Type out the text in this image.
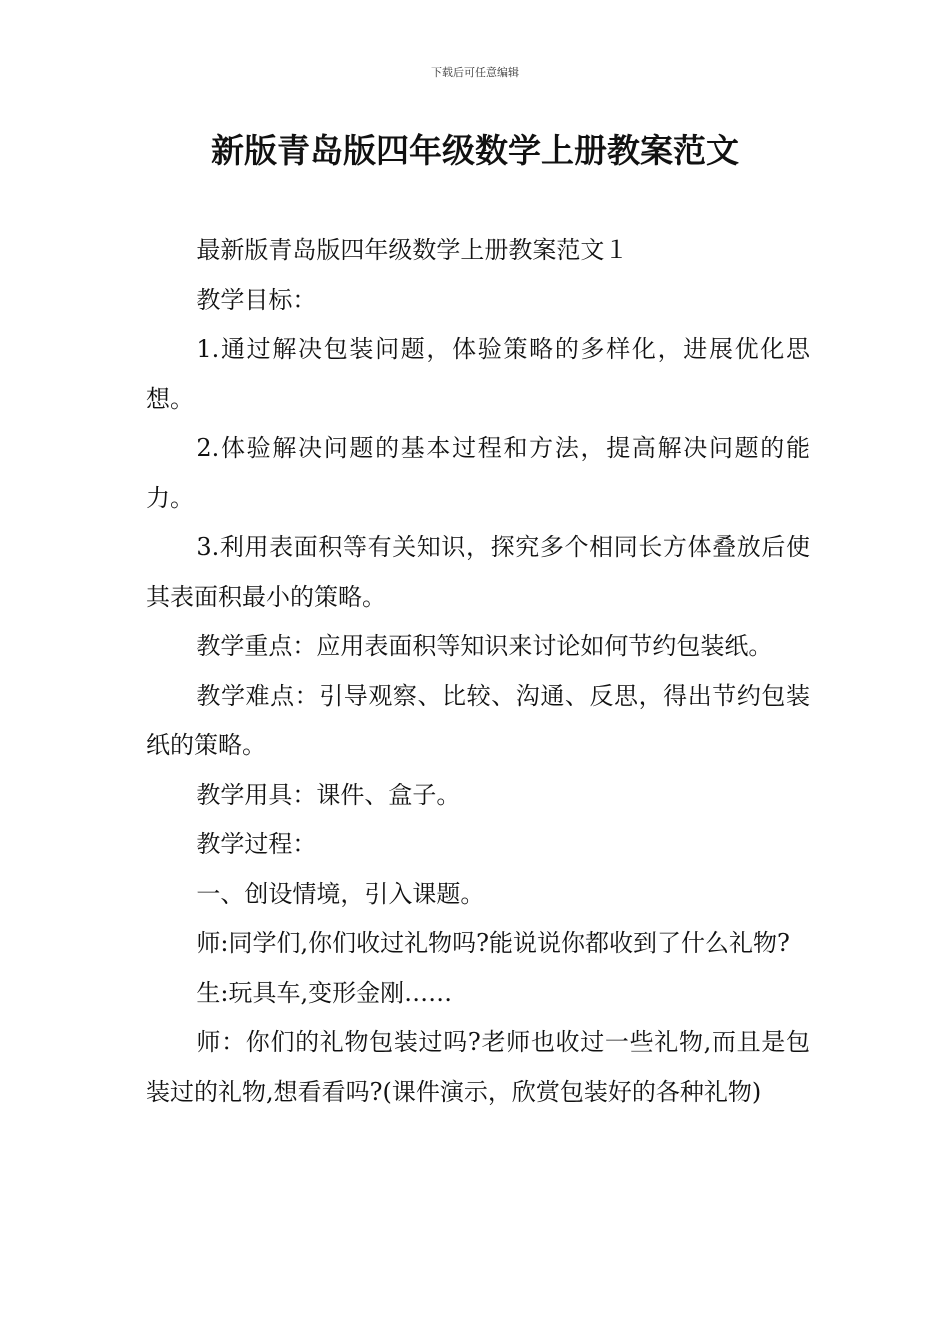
下载后可任意编辑
新版青岛版四年级数学上册教案范文

最新版青岛版四年级数学上册教案范文１

教学目标：

1.通过解决包装问题，体验策略的多样化，进展优化思想。

2.体验解决问题的基本过程和方法，提高解决问题的能力。

3.利用表面积等有关知识，探究多个相同长方体叠放后使其表面积最小的策略。

教学重点：应用表面积等知识来讨论如何节约包装纸。

教学难点：引导观察、比较、沟通、反思，得出节约包装纸的策略。

教学用具：课件、盒子。

教学过程：

一、创设情境，引入课题。

师:同学们,你们收过礼物吗?能说说你都收到了什么礼物?

生:玩具车,变形金刚……

师：你们的礼物包装过吗?老师也收过一些礼物,而且是包装过的礼物,想看看吗?(课件演示，欣赏包装好的各种礼物)
